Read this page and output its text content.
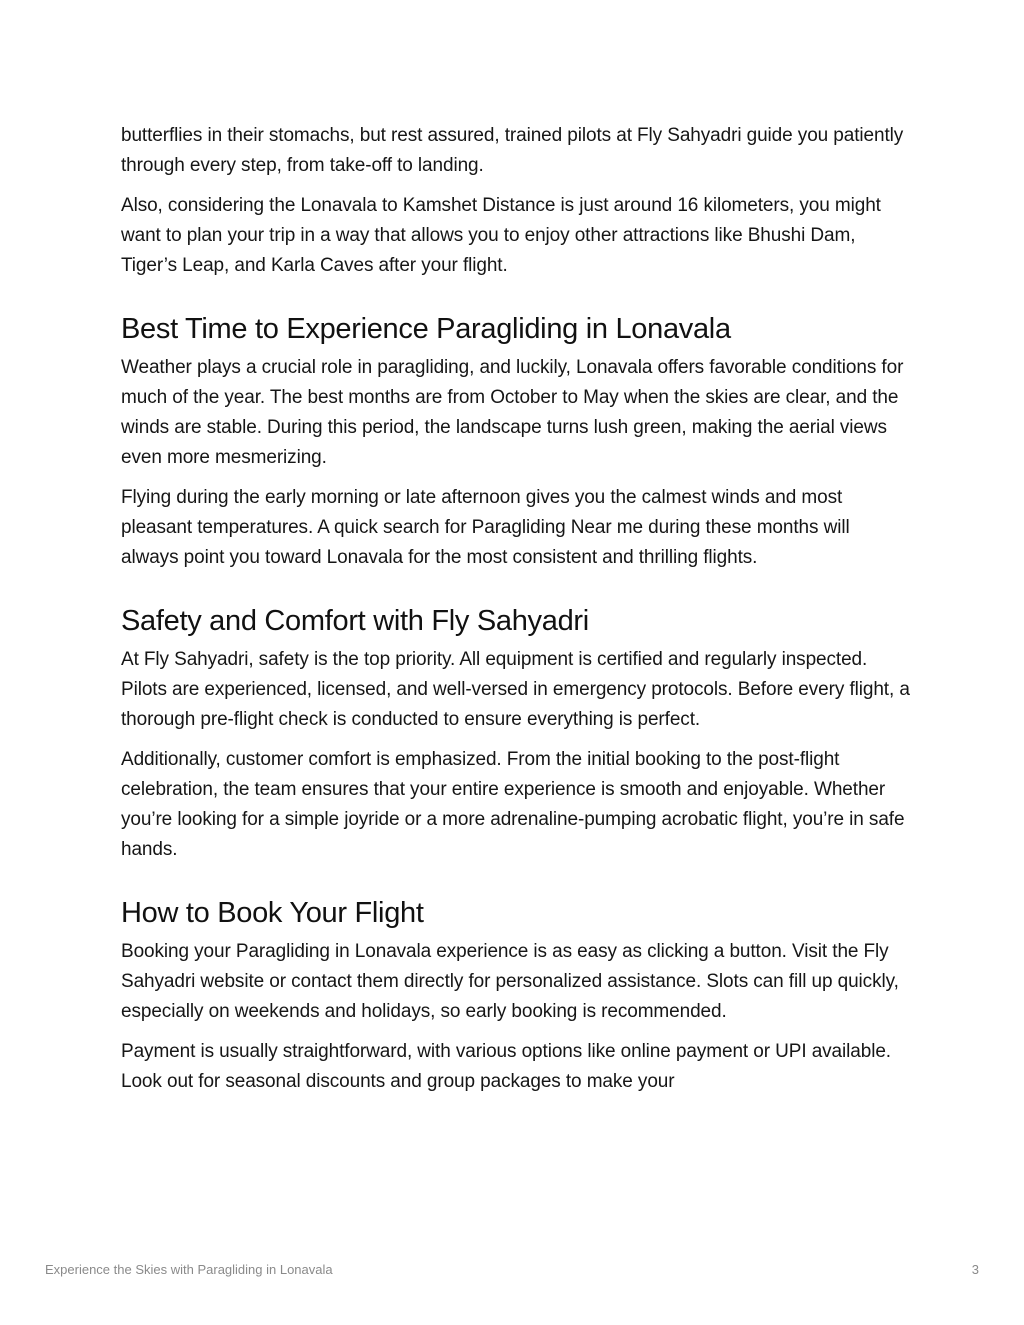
butterflies in their stomachs, but rest assured, trained pilots at Fly Sahyadri guide you patiently through every step, from take-off to landing.

Also, considering the Lonavala to Kamshet Distance is just around 16 kilometers, you might want to plan your trip in a way that allows you to enjoy other attractions like Bhushi Dam, Tiger’s Leap, and Karla Caves after your flight.

Best Time to Experience Paragliding in Lonavala

Weather plays a crucial role in paragliding, and luckily, Lonavala offers favorable conditions for much of the year. The best months are from October to May when the skies are clear, and the winds are stable. During this period, the landscape turns lush green, making the aerial views even more mesmerizing.

Flying during the early morning or late afternoon gives you the calmest winds and most pleasant temperatures. A quick search for Paragliding Near me during these months will always point you toward Lonavala for the most consistent and thrilling flights.

Safety and Comfort with Fly Sahyadri

At Fly Sahyadri, safety is the top priority. All equipment is certified and regularly inspected. Pilots are experienced, licensed, and well-versed in emergency protocols. Before every flight, a thorough pre-flight check is conducted to ensure everything is perfect.

Additionally, customer comfort is emphasized. From the initial booking to the post-flight celebration, the team ensures that your entire experience is smooth and enjoyable. Whether you’re looking for a simple joyride or a more adrenaline-pumping acrobatic flight, you’re in safe hands.

How to Book Your Flight

Booking your Paragliding in Lonavala experience is as easy as clicking a button. Visit the Fly Sahyadri website or contact them directly for personalized assistance. Slots can fill up quickly, especially on weekends and holidays, so early booking is recommended.

Payment is usually straightforward, with various options like online payment or UPI available. Look out for seasonal discounts and group packages to make your

Experience the Skies with Paragliding in Lonavala	3
